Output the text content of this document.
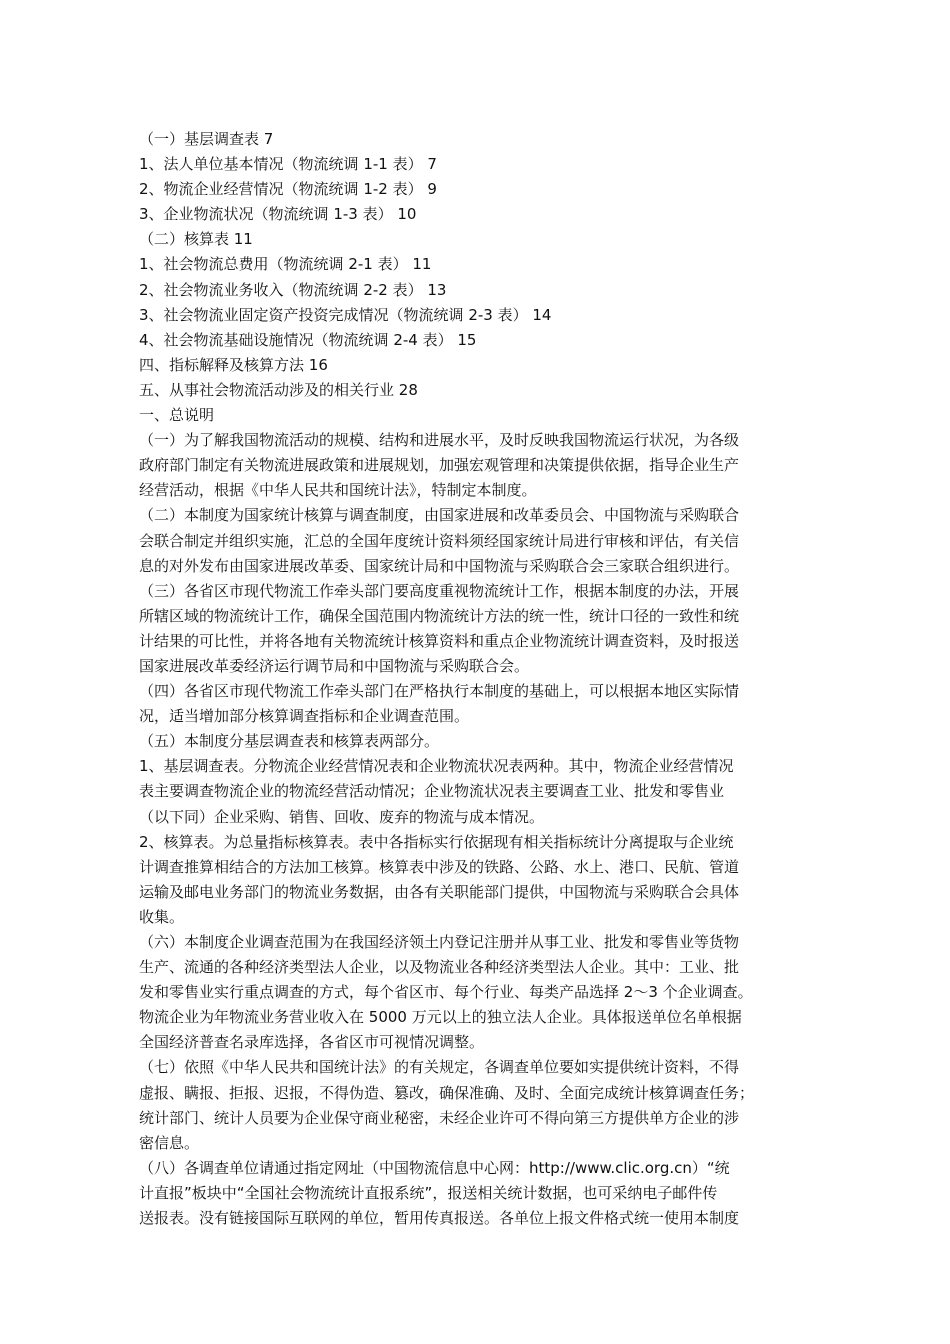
（一）基层调查表 7
1、法人单位基本情况（物流统调 1-1 表） 7
2、物流企业经营情况（物流统调 1-2 表） 9
3、企业物流状况（物流统调 1-3 表） 10
（二）核算表 11
1、社会物流总费用（物流统调 2-1 表） 11
2、社会物流业务收入（物流统调 2-2 表） 13
3、社会物流业固定资产投资完成情况（物流统调 2-3 表） 14
4、社会物流基础设施情况（物流统调 2-4 表） 15
四、指标解释及核算方法 16
五、从事社会物流活动涉及的相关行业 28
一、总说明
（一）为了解我国物流活动的规模、结构和进展水平，及时反映我国物流运行状况，为各级
政府部门制定有关物流进展政策和进展规划，加强宏观管理和决策提供依据，指导企业生产
经营活动，根据《中华人民共和国统计法》，特制定本制度。
（二）本制度为国家统计核算与调查制度，由国家进展和改革委员会、中国物流与采购联合
会联合制定并组织实施，汇总的全国年度统计资料须经国家统计局进行审核和评估，有关信
息的对外发布由国家进展改革委、国家统计局和中国物流与采购联合会三家联合组织进行。
（三）各省区市现代物流工作牵头部门要高度重视物流统计工作，根据本制度的办法，开展
所辖区域的物流统计工作，确保全国范围内物流统计方法的统一性，统计口径的一致性和统
计结果的可比性，并将各地有关物流统计核算资料和重点企业物流统计调查资料，及时报送
国家进展改革委经济运行调节局和中国物流与采购联合会。
（四）各省区市现代物流工作牵头部门在严格执行本制度的基础上，可以根据本地区实际情
况，适当增加部分核算调查指标和企业调查范围。
（五）本制度分基层调查表和核算表两部分。
1、基层调查表。分物流企业经营情况表和企业物流状况表两种。其中，物流企业经营情况
表主要调查物流企业的物流经营活动情况；企业物流状况表主要调查工业、批发和零售业
（以下同）企业采购、销售、回收、废弃的物流与成本情况。
2、核算表。为总量指标核算表。表中各指标实行依据现有相关指标统计分离提取与企业统
计调查推算相结合的方法加工核算。核算表中涉及的铁路、公路、水上、港口、民航、管道
运输及邮电业务部门的物流业务数据，由各有关职能部门提供，中国物流与采购联合会具体
收集。
（六）本制度企业调查范围为在我国经济领土内登记注册并从事工业、批发和零售业等货物
生产、流通的各种经济类型法人企业，以及物流业各种经济类型法人企业。其中：工业、批
发和零售业实行重点调查的方式，每个省区市、每个行业、每类产品选择 2～3 个企业调查。
物流企业为年物流业务营业收入在 5000 万元以上的独立法人企业。具体报送单位名单根据
全国经济普查名录库选择，各省区市可视情况调整。
（七）依照《中华人民共和国统计法》的有关规定，各调查单位要如实提供统计资料，不得
虚报、瞒报、拒报、迟报，不得伪造、篡改，确保准确、及时、全面完成统计核算调查任务；
统计部门、统计人员要为企业保守商业秘密，未经企业许可不得向第三方提供单方企业的涉
密信息。
（八）各调查单位请通过指定网址（中国物流信息中心网：http://www.clic.org.cn）“统
计直报”板块中“全国社会物流统计直报系统”，报送相关统计数据，也可采纳电子邮件传
送报表。没有链接国际互联网的单位，暂用传真报送。各单位上报文件格式统一使用本制度
